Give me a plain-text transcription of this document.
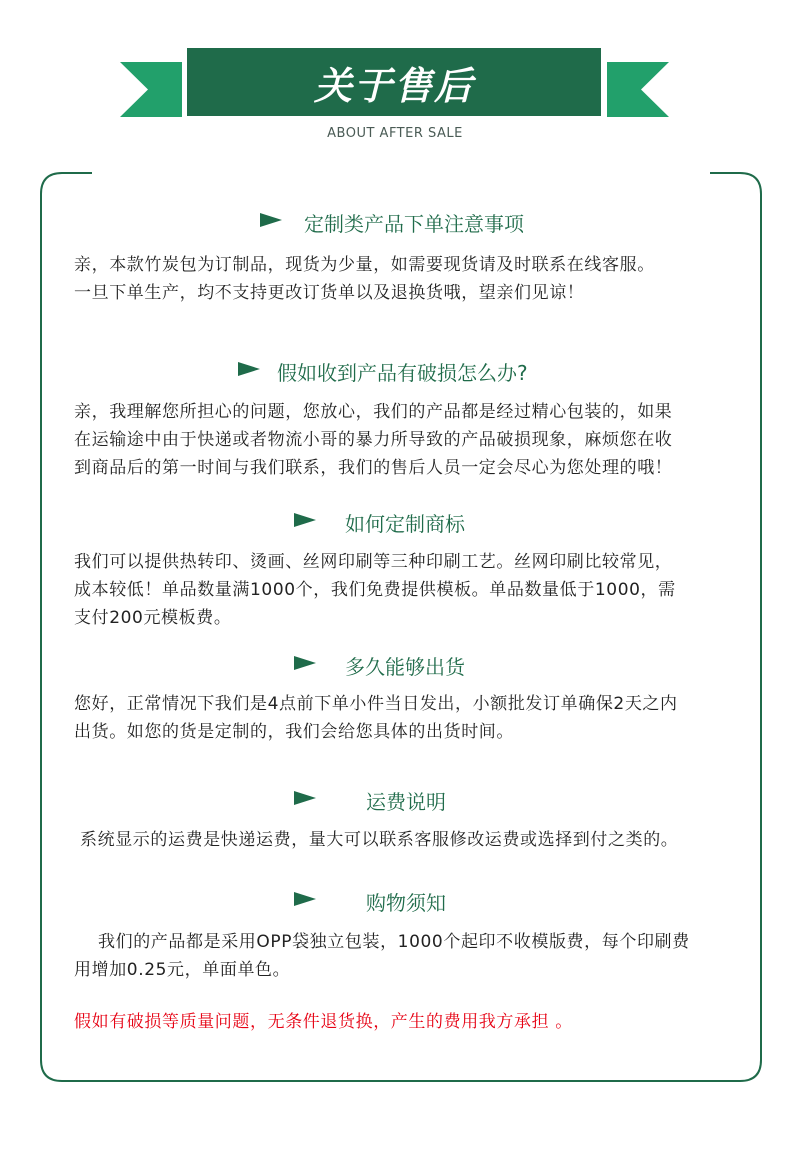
关于售后
ABOUT AFTER SALE
定制类产品下单注意事项
亲，本款竹炭包为订制品，现货为少量，如需要现货请及时联系在线客服。
一旦下单生产，均不支持更改订货单以及退换货哦，望亲们见谅！
假如收到产品有破损怎么办?
亲，我理解您所担心的问题，您放心，我们的产品都是经过精心包装的，如果
在运输途中由于快递或者物流小哥的暴力所导致的产品破损现象，麻烦您在收
到商品后的第一时间与我们联系，我们的售后人员一定会尽心为您处理的哦！
如何定制商标
我们可以提供热转印、烫画、丝网印刷等三种印刷工艺。丝网印刷比较常见，
成本较低！单品数量满1000个，我们免费提供模板。单品数量低于1000，需
支付200元模板费。
多久能够出货
您好，正常情况下我们是4点前下单小件当日发出，小额批发订单确保2天之内
出货。如您的货是定制的，我们会给您具体的出货时间。
运费说明
系统显示的运费是快递运费，量大可以联系客服修改运费或选择到付之类的。
购物须知
我们的产品都是采用OPP袋独立包装，1000个起印不收模版费，每个印刷费
用增加0.25元，单面单色。
假如有破损等质量问题，无条件退货换，产生的费用我方承担 。
